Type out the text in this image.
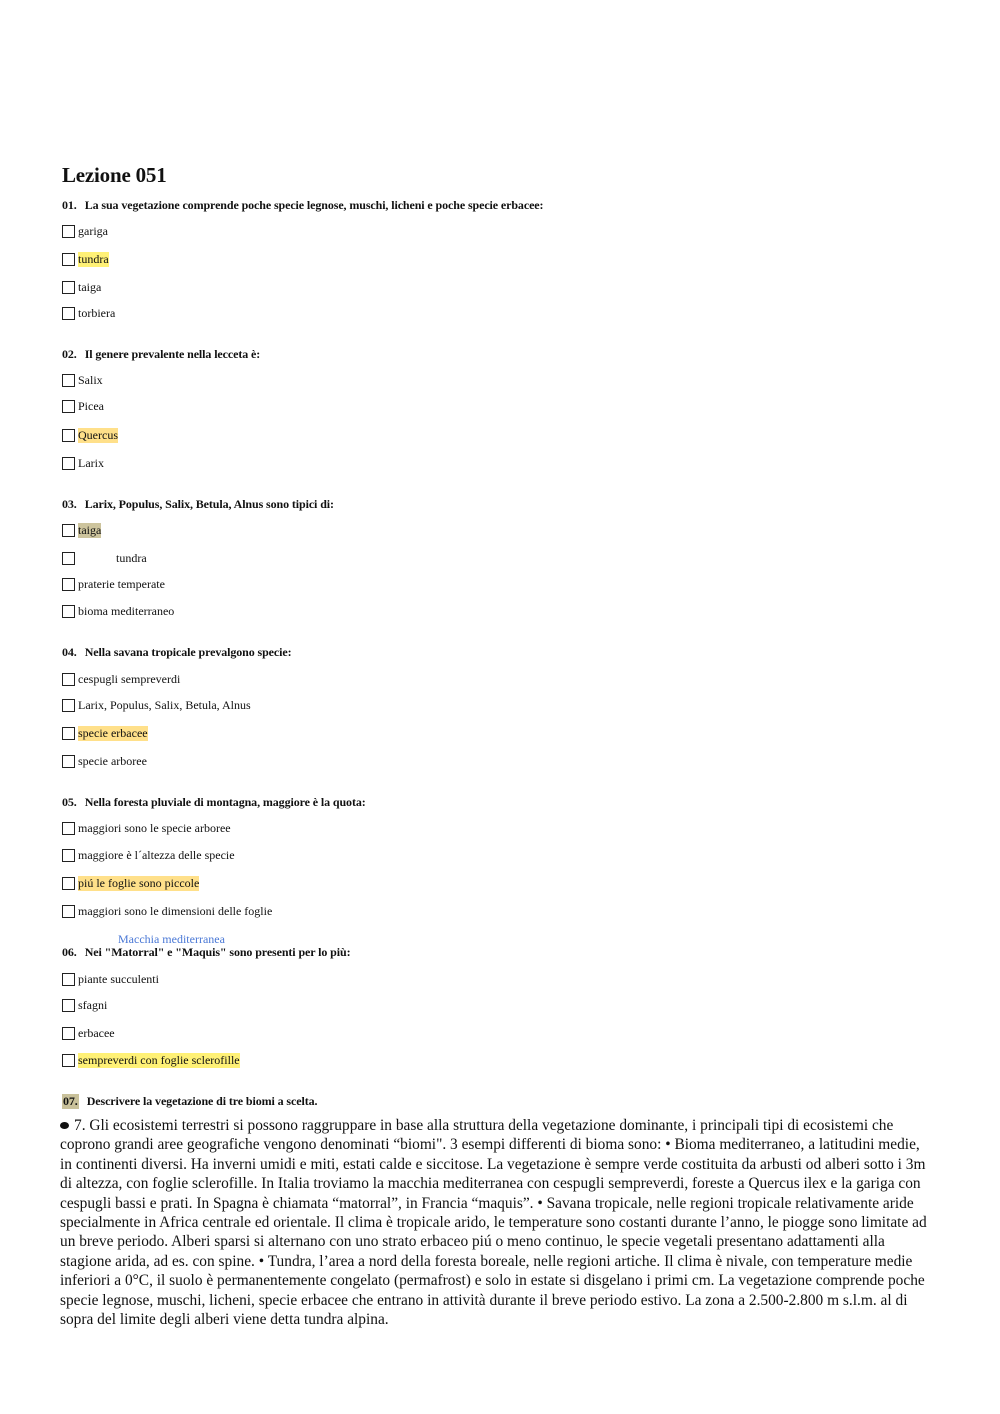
Lezione 051
01. La sua vegetazione comprende poche specie legnose, muschi, licheni e poche specie erbacee:
gariga
tundra
taiga
torbiera
02. Il genere prevalente nella lecceta è:
Salix
Picea
Quercus
Larix
03. Larix, Populus, Salix, Betula, Alnus sono tipici di:
taiga
tundra
praterie temperate
bioma mediterraneo
04. Nella savana tropicale prevalgono specie:
cespugli sempreverdi
Larix, Populus, Salix, Betula, Alnus
specie erbacee
specie arboree
05. Nella foresta pluviale di montagna, maggiore è la quota:
maggiori sono le specie arboree
maggiore è l´altezza delle specie
piú le foglie sono piccole
maggiori sono le dimensioni delle foglie
Macchia mediterranea
06. Nei "Matorral" e "Maquis" sono presenti per lo più:
piante succulenti
sfagni
erbacee
sempreverdi con foglie sclerofille
07. Descrivere la vegetazione di tre biomi a scelta.
7. Gli ecosistemi terrestri si possono raggruppare in base alla struttura della vegetazione dominante, i principali tipi di ecosistemi che coprono grandi aree geografiche vengono denominati “biomi". 3 esempi differenti di bioma sono: • Bioma mediterraneo, a latitudini medie, in continenti diversi. Ha inverni umidi e miti, estati calde e siccitose. La vegetazione è sempre verde costituita da arbusti od alberi sotto i 3m di altezza, con foglie sclerofille. In Italia troviamo la macchia mediterranea con cespugli sempreverdi, foreste a Quercus ilex e la gariga con cespugli bassi e prati. In Spagna è chiamata “matorral”, in Francia “maquis”. • Savana tropicale, nelle regioni tropicale relativamente aride specialmente in Africa centrale ed orientale. Il clima è tropicale arido, le temperature sono costanti durante l’anno, le piogge sono limitate ad un breve periodo. Alberi sparsi si alternano con uno strato erbaceo piú o meno continuo, le specie vegetali presentano adattamenti alla stagione arida, ad es. con spine. • Tundra, l’area a nord della foresta boreale, nelle regioni artiche. Il clima è nivale, con temperature medie inferiori a 0°C, il suolo è permanentemente congelato (permafrost) e solo in estate si disgelano i primi cm. La vegetazione comprende poche specie legnose, muschi, licheni, specie erbacee che entrano in attività durante il breve periodo estivo. La zona a 2.500-2.800 m s.l.m. al di sopra del limite degli alberi viene detta tundra alpina.
